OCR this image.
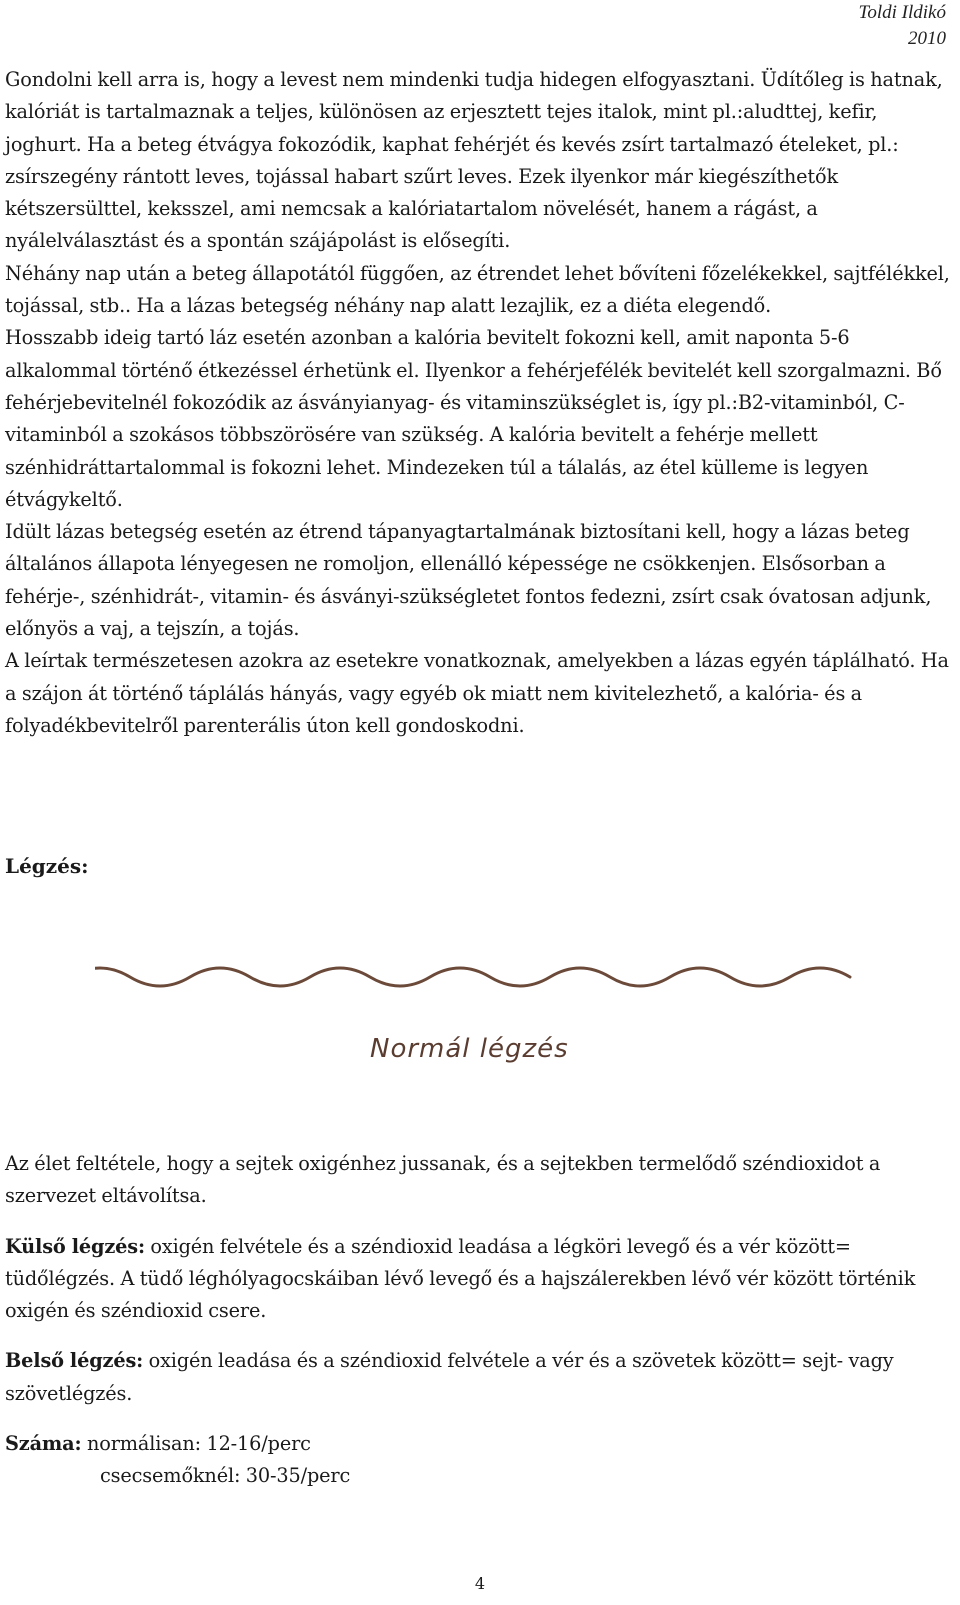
Toldi Ildikó
2010

Gondolni kell arra is, hogy a levest nem mindenki tudja hidegen elfogyasztani. Üdítőleg is hatnak, kalóriát is tartalmaznak a teljes, különösen az erjesztett tejes italok, mint pl.:aludttej, kefir, joghurt. Ha a beteg étvágya fokozódik, kaphat fehérjét és kevés zsírt tartalmazó ételeket, pl.: zsírszegény rántott leves, tojással habart szűrt leves. Ezek ilyenkor már kiegészíthetők kétszersülttel, keksszel, ami nemcsak a kalóriatartalom növelését, hanem a rágást, a nyálelválasztást és a spontán szájápolást is elősegíti.

Néhány nap után a beteg állapotától függően, az étrendet lehet bővíteni főzelékekkel, sajtfélékkel, tojással, stb.. Ha a lázas betegség néhány nap alatt lezajlik, ez a diéta elegendő.

Hosszabb ideig tartó láz esetén azonban a kalória bevitelt fokozni kell, amit naponta 5-6 alkalommal történő étkezéssel érhetünk el. Ilyenkor a fehérjefélék bevitelét kell szorgalmazni. Bő fehérjebevitelnél fokozódik az ásványianyag- és vitaminszükséglet is, így pl.:B2-vitaminból, C-vitaminból a szokásos többszörösére van szükség. A kalória bevitelt a fehérje mellett szénhidráttartalommal is fokozni lehet. Mindezeken túl a tálalás, az étel külleme is legyen étvágykeltő.

Idült lázas betegség esetén az étrend tápanyagtartalmának biztosítani kell, hogy a lázas beteg általános állapota lényegesen ne romoljon, ellenálló képessége ne csökkenjen. Elsősorban a fehérje-, szénhidrát-, vitamin- és ásványi-szükségletet fontos fedezni, zsírt csak óvatosan adjunk, előnyös a vaj, a tejszín, a tojás.

A leírtak természetesen azokra az esetekre vonatkoznak, amelyekben a lázas egyén táplálható. Ha a szájon át történő táplálás hányás, vagy egyéb ok miatt nem kivitelezhető, a kalória- és a folyadékbevitelről parenterális úton kell gondoskodni.

Légzés:

Normál légzés

Az élet feltétele, hogy a sejtek oxigénhez jussanak, és a sejtekben termelődő széndioxidot a szervezet eltávolítsa.

Külső légzés: oxigén felvétele és a széndioxid leadása a légköri levegő és a vér között= tüdőlégzés. A tüdő léghólyagocskáiban lévő levegő és a hajszálerekben lévő vér között történik oxigén és széndioxid csere.

Belső légzés: oxigén leadása és a széndioxid felvétele a vér és a szövetek között= sejt- vagy szövetlégzés.

Száma: normálisan: 12-16/perc

csecsemőknél: 30-35/perc

4
